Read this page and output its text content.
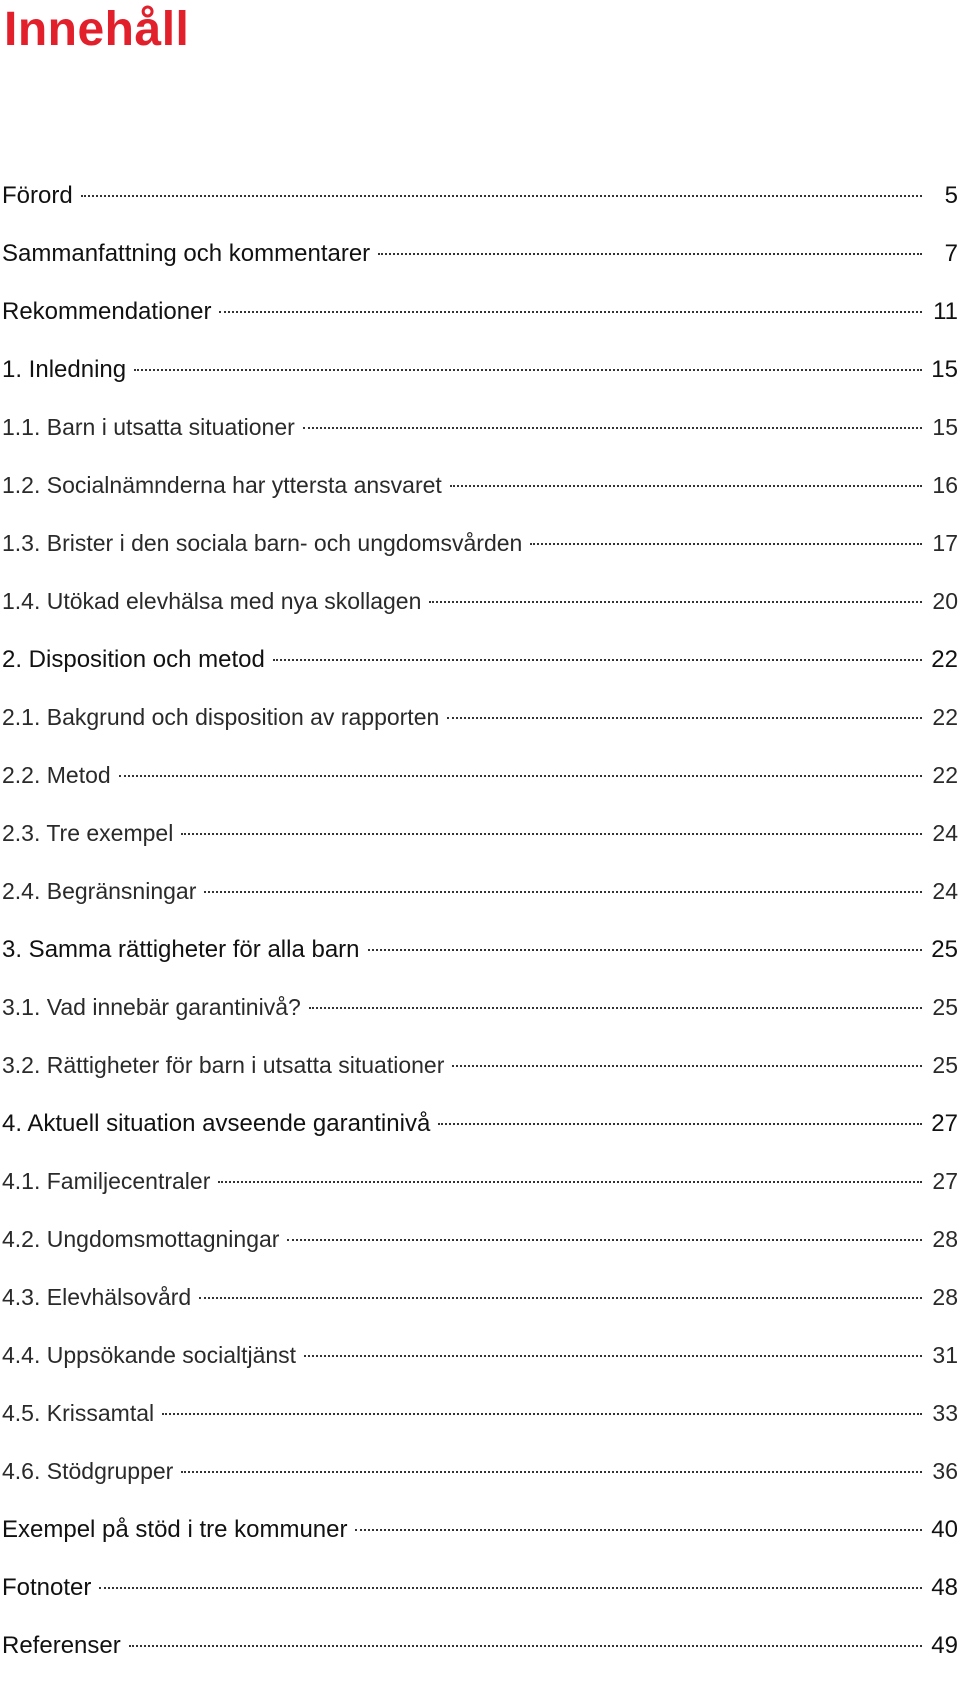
Innehåll
Förord	5
Sammanfattning och kommentarer	7
Rekommendationer	11
1. Inledning	15
1.1. Barn i utsatta situationer	15
1.2. Socialnämnderna har yttersta ansvaret	16
1.3. Brister i den sociala barn- och ungdomsvården	17
1.4. Utökad elevhälsa med nya skollagen	20
2. Disposition och metod	22
2.1. Bakgrund och disposition av rapporten	22
2.2. Metod	22
2.3. Tre exempel	24
2.4. Begränsningar	24
3. Samma rättigheter för alla barn	25
3.1. Vad innebär garantinivå?	25
3.2. Rättigheter för barn i utsatta situationer	25
4. Aktuell situation avseende garantinivå	27
4.1. Familjecentraler	27
4.2. Ungdomsmottagningar	28
4.3. Elevhälsovård	28
4.4. Uppsökande socialtjänst	31
4.5. Krissamtal	33
4.6. Stödgrupper	36
Exempel på stöd i tre kommuner	40
Fotnoter	48
Referenser	49
